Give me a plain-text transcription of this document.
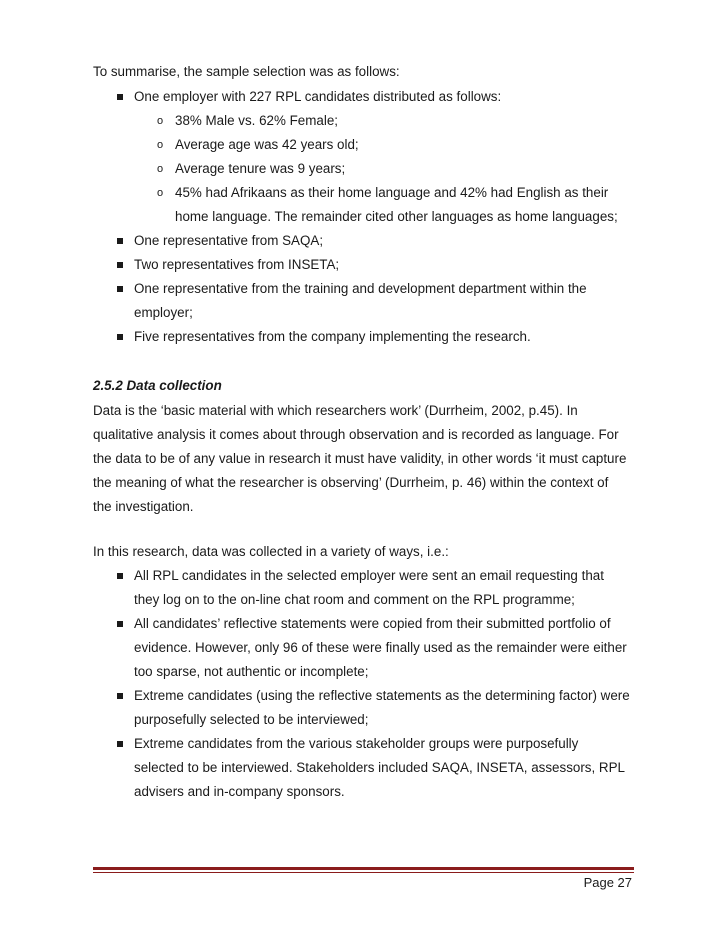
To summarise, the sample selection was as follows:
One employer with 227 RPL candidates distributed as follows:
o 38% Male vs. 62% Female;
o Average age was 42 years old;
o Average tenure was 9 years;
o 45% had Afrikaans as their home language and 42% had English as their
home language. The remainder cited other languages as home languages;
One representative from SAQA;
Two representatives from INSETA;
One representative from the training and development department within the
employer;
Five representatives from the company implementing the research.
2.5.2 Data collection
Data is the ‘basic material with which researchers work’ (Durrheim, 2002, p.45). In
qualitative analysis it comes about through observation and is recorded as language. For
the data to be of any value in research it must have validity, in other words ‘it must capture
the meaning of what the researcher is observing’ (Durrheim, p. 46) within the context of
the investigation.
In this research, data was collected in a variety of ways, i.e.:
All RPL candidates in the selected employer were sent an email requesting that
they log on to the on-line chat room and comment on the RPL programme;
All candidates’ reflective statements were copied from their submitted portfolio of
evidence. However, only 96 of these were finally used as the remainder were either
too sparse, not authentic or incomplete;
Extreme candidates (using the reflective statements as the determining factor) were
purposefully selected to be interviewed;
Extreme candidates from the various stakeholder groups were purposefully
selected to be interviewed. Stakeholders included SAQA, INSETA, assessors, RPL
advisers and in-company sponsors.
Page 27
